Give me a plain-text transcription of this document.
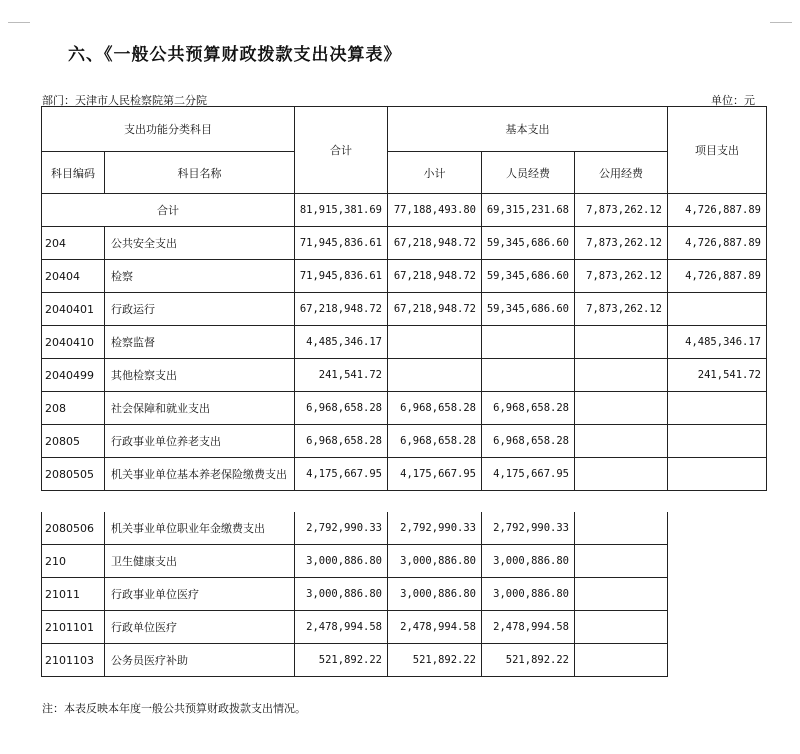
六、《一般公共预算财政拨款支出决算表》
部门：天津市人民检察院第二分院	单位：元
支出功能分类科目		合计	基本支出			项目支出
科目编码	科目名称		小计	人员经费	公用经费	
合计		81,915,381.69	77,188,493.80	69,315,231.68	7,873,262.12	4,726,887.89
204	公共安全支出	71,945,836.61	67,218,948.72	59,345,686.60	7,873,262.12	4,726,887.89
20404	检察	71,945,836.61	67,218,948.72	59,345,686.60	7,873,262.12	4,726,887.89
2040401	行政运行	67,218,948.72	67,218,948.72	59,345,686.60	7,873,262.12	
2040410	检察监督	4,485,346.17				4,485,346.17
2040499	其他检察支出	241,541.72				241,541.72
208	社会保障和就业支出	6,968,658.28	6,968,658.28	6,968,658.28		
20805	行政事业单位养老支出	6,968,658.28	6,968,658.28	6,968,658.28		
2080505	机关事业单位基本养老保险缴费支出	4,175,667.95	4,175,667.95	4,175,667.95		
2080506	机关事业单位职业年金缴费支出	2,792,990.33	2,792,990.33	2,792,990.33	
210	卫生健康支出	3,000,886.80	3,000,886.80	3,000,886.80	
21011	行政事业单位医疗	3,000,886.80	3,000,886.80	3,000,886.80	
2101101	行政单位医疗	2,478,994.58	2,478,994.58	2,478,994.58	
2101103	公务员医疗补助	521,892.22	521,892.22	521,892.22	
注：本表反映本年度一般公共预算财政拨款支出情况。
